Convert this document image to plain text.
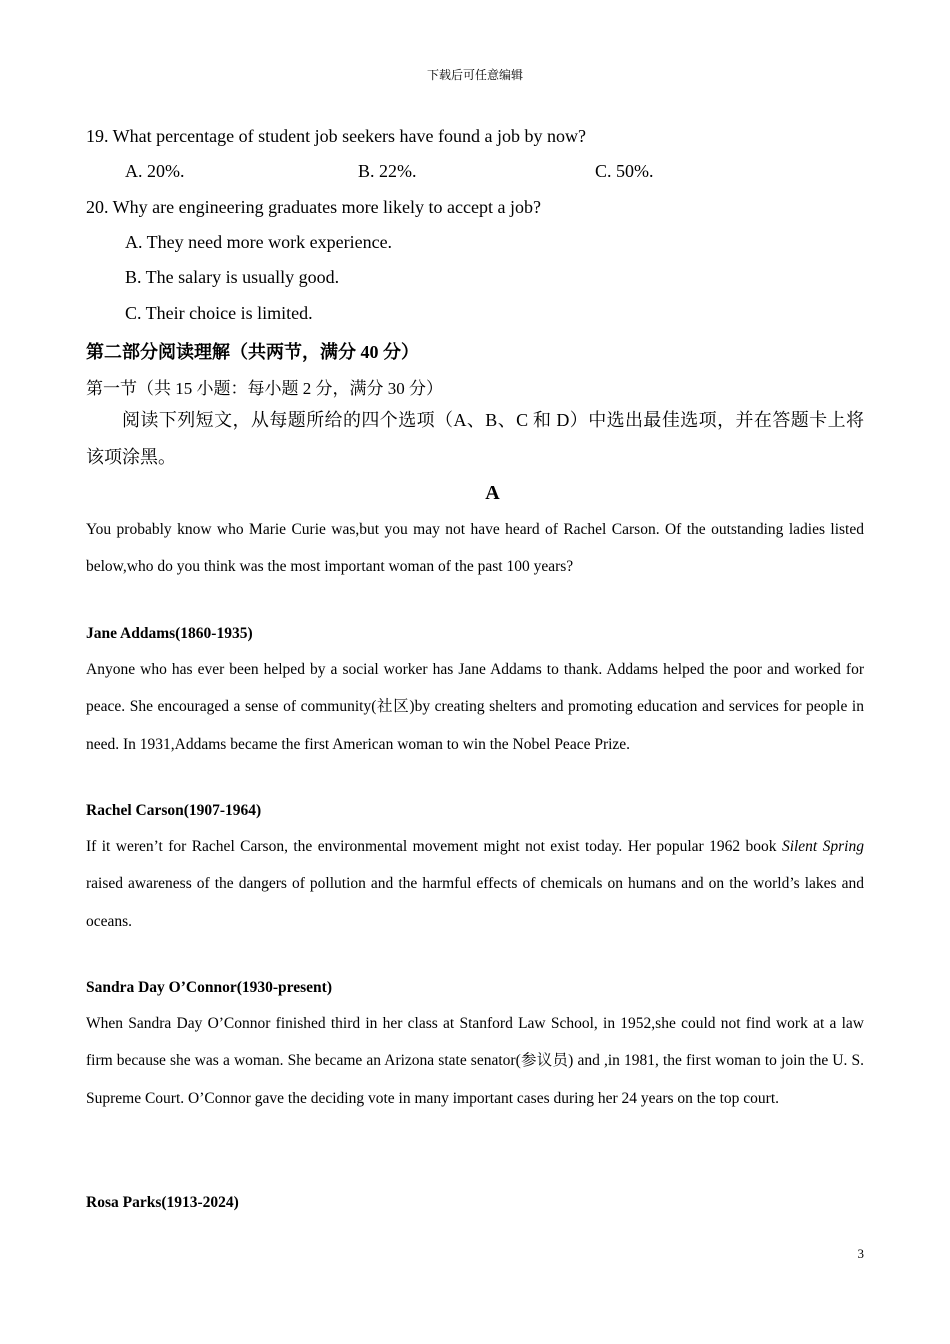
下载后可任意编辑
19. What percentage of student job seekers have found a job by now?
A. 20%.	B. 22%.	C. 50%.
20. Why are engineering graduates more likely to accept a job?
A. They need more work experience.
B. The salary is usually good.
C. Their choice is limited.
第二部分阅读理解（共两节，满分 40 分）
第一节（共 15 小题：每小题 2 分，满分 30 分）
阅读下列短文，从每题所给的四个选项（A、B、C 和 D）中选出最佳选项，并在答题卡上将该项涂黑。
A
You probably know who Marie Curie was,but you may not have heard of Rachel Carson. Of the outstanding ladies listed below,who do you think was the most important woman of the past 100 years?
Jane Addams(1860-1935)
Anyone who has ever been helped by a social worker has Jane Addams to thank. Addams helped the poor and worked for peace. She encouraged a sense of community(社区)by creating shelters and promoting education and services for people in need. In 1931,Addams became the first American woman to win the Nobel Peace Prize.
Rachel Carson(1907-1964)
If it weren’t for Rachel Carson, the environmental movement might not exist today. Her popular 1962 book Silent Spring raised awareness of the dangers of pollution and the harmful effects of chemicals on humans and on the world’s lakes and oceans.
Sandra Day O’Connor(1930-present)
When Sandra Day O’Connor finished third in her class at Stanford Law School, in 1952,she could not find work at a law firm because she was a woman. She became an Arizona state senator(参议员) and ,in 1981, the first woman to join the U. S. Supreme Court. O’Connor gave the deciding vote in many important cases during her 24 years on the top court.
Rosa Parks(1913-2024)
3
